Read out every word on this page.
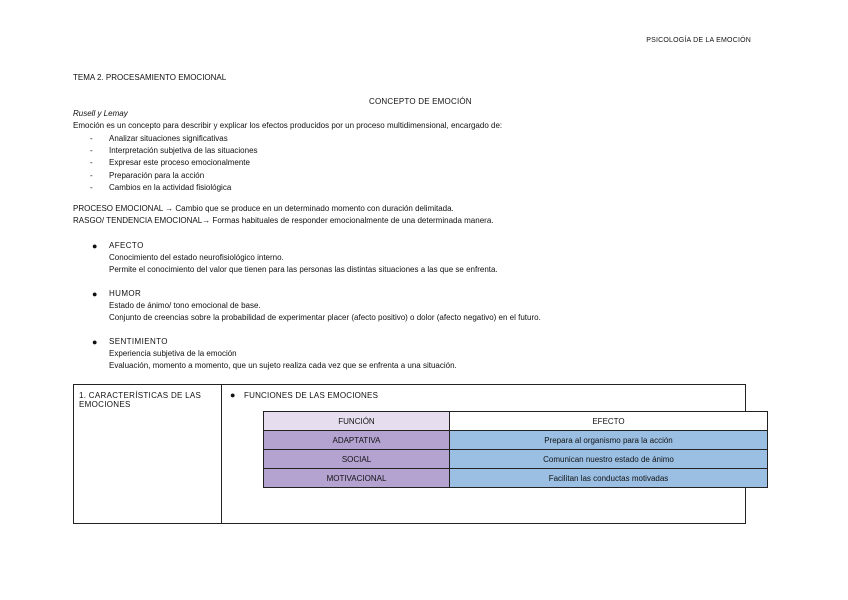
PSICOLOGÍA DE LA EMOCIÓN
TEMA 2. PROCESAMIENTO EMOCIONAL
CONCEPTO DE EMOCIÓN
Rusell y Lemay
Emoción es un concepto para describir y explicar los efectos producidos por un proceso multidimensional, encargado de:
- Analizar situaciones significativas
- Interpretación subjetiva de las situaciones
- Expresar este proceso emocionalmente
- Preparación para la acción
- Cambios en la actividad fisiológica
PROCESO EMOCIONAL → Cambio que se produce en un determinado momento con duración delimitada.
RASGO/ TENDENCIA EMOCIONAL→ Formas habituales de responder emocionalmente de una determinada manera.
● AFECTO
Conocimiento del estado neurofisiológico interno.
Permite el conocimiento del valor que tienen para las personas las distintas situaciones a las que se enfrenta.
● HUMOR
Estado de ánimo/ tono emocional de base.
Conjunto de creencias sobre la probabilidad de experimentar placer (afecto positivo) o dolor (afecto negativo) en el futuro.
● SENTIMIENTO
Experiencia subjetiva de la emoción
Evaluación, momento a momento, que un sujeto realiza cada vez que se enfrenta a una situación.
1. CARACTERÍSTICAS DE LAS EMOCIONES
● FUNCIONES DE LAS EMOCIONES
FUNCIÓN	EFECTO
ADAPTATIVA	Prepara al organismo para la acción
SOCIAL	Comunican nuestro estado de ánimo
MOTIVACIONAL	Facilitan las conductas motivadas
